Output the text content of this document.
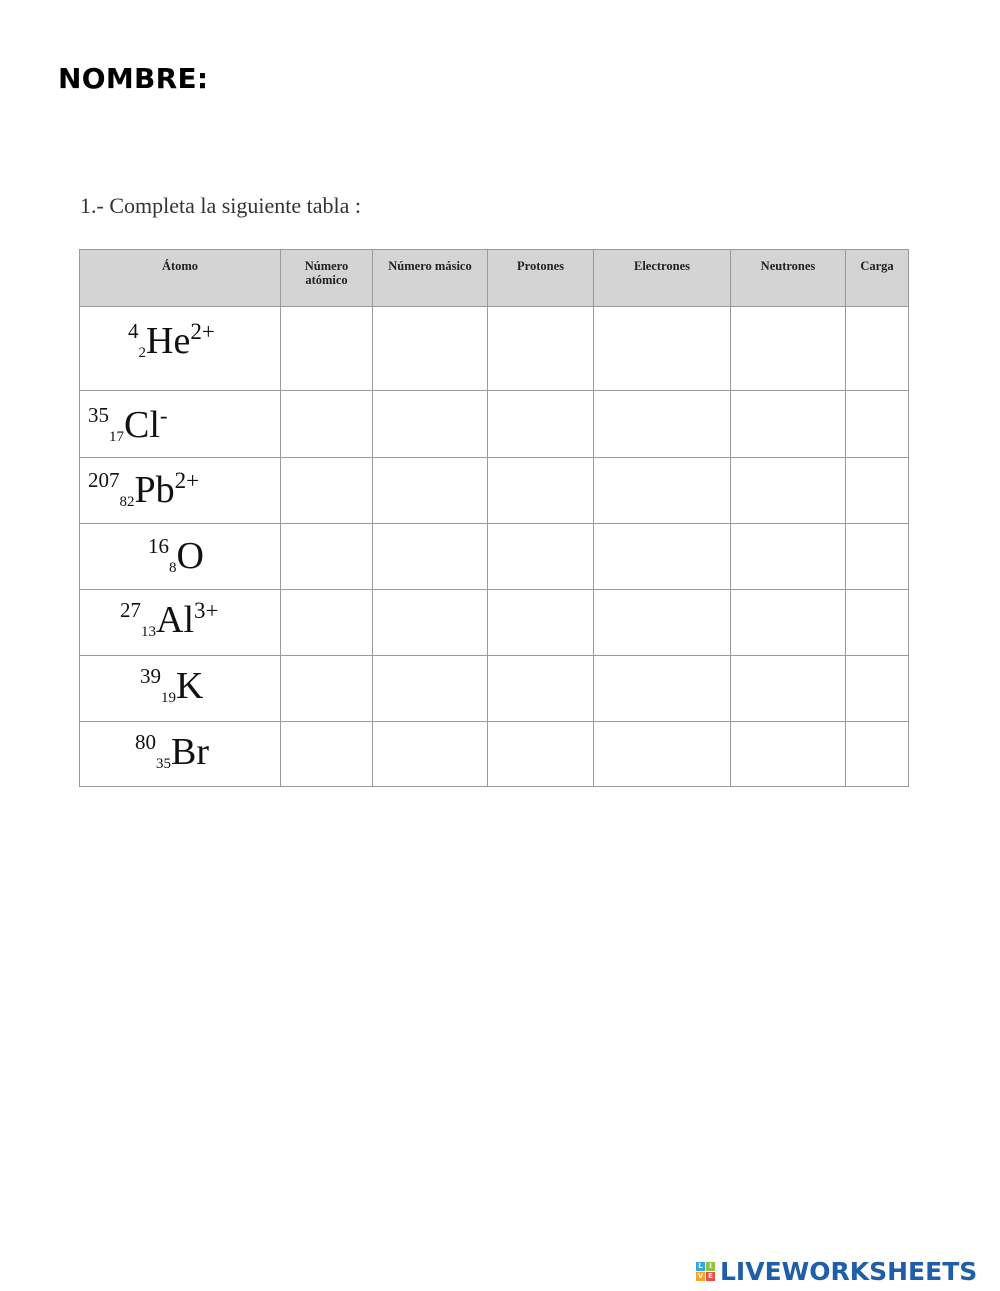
NOMBRE:
1.- Completa la siguiente tabla :
Átomo	Número atómico	Número másico	Protones	Electrones	Neutrones	Carga
$^4_2He^{2+}$						
$^{35}_{17}$Cl-						
$^{207}_{82}Pb^{2+}$						
$^{16}_8$O						
$^{27}_{13}Al^{3+}$						
$^{39}_{19}$K						
$^{80}_{35}$Br						
L I
V E LIVEWORKSHEETS
